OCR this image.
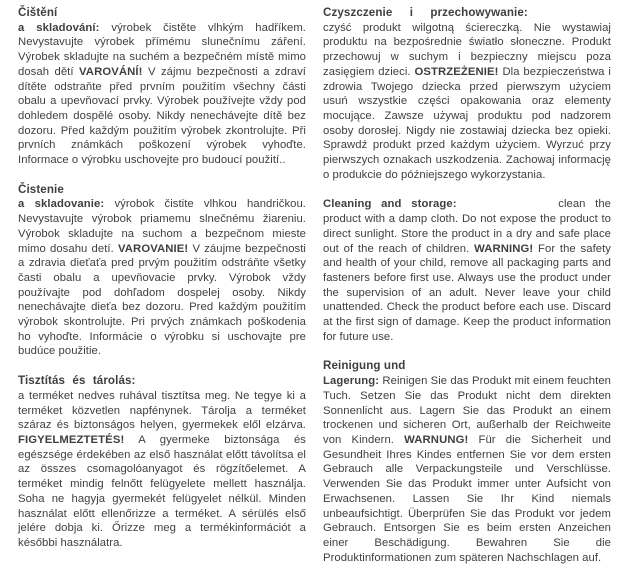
Čištění

a skladování: výrobek čistěte vlhkým hadříkem. Nevystavujte výrobek přímému slunečnímu záření. Výrobek skladujte na suchém a bezpečném místě mimo dosah dětí VAROVÁNÍ! V zájmu bezpečnosti a zdraví dítěte odstraňte před prvním použitím všechny části obalu a upevňovací prvky. Výrobek používejte vždy pod dohledem dospělé osoby. Nikdy nenechávejte dítě bez dozoru. Před každým použitím výrobek zkontrolujte. Při prvních známkách poškození výrobek vyhoďte. Informace o výrobku uschovejte pro budoucí použití..

Čistenie

a skladovanie: výrobok čistite vlhkou handričkou. Nevystavujte výrobok priamemu slnečnému žiareniu. Výrobok skladujte na suchom a bezpečnom mieste mimo dosahu detí. VAROVANIE! V záujme bezpečnosti a zdravia dieťaťa pred prvým použitím odstráňte všetky časti obalu a upevňovacie prvky. Výrobok vždy používajte pod dohľadom dospelej osoby. Nikdy nenechávajte dieťa bez dozoru. Pred každým použitím výrobok skontrolujte. Pri prvých známkach poškodenia ho vyhoďte. Informácie o výrobku si uschovajte pre budúce použitie.

Tisztítás és tárolás:

a terméket nedves ruhával tisztítsa meg. Ne tegye ki a terméket közvetlen napfénynek. Tárolja a terméket száraz és biztonságos helyen, gyermekek elől elzárva. FIGYELMEZTETÉS! A gyermeke biztonsága és egészsége érdekében az első használat előtt távolítsa el az összes csomagolóanyagot és rögzítőelemet. A terméket mindig felnőtt felügyelete mellett használja. Soha ne hagyja gyermekét felügyelet nélkül. Minden használat előtt ellenőrizze a terméket. A sérülés első jelére dobja ki. Őrizze meg a termékinformációt a későbbi használatra.

Czyszczenie i przechowywanie:

czyść produkt wilgotną ściereczką. Nie wystawiaj produktu na bezpośrednie światło słoneczne. Produkt przechowuj w suchym i bezpieczny miejscu poza zasięgiem dzieci. OSTRZEŻENIE! Dla bezpieczeństwa i zdrowia Twojego dziecka przed pierwszym użyciem usuń wszystkie części opakowania oraz elementy mocujące. Zawsze używaj produktu pod nadzorem osoby dorosłej. Nigdy nie zostawiaj dziecka bez opieki. Sprawdź produkt przed każdym użyciem. Wyrzuć przy pierwszych oznakach uszkodzenia. Zachowaj informację o produkcie do późniejszego wykorzystania.

Cleaning and storage:	clean the product with a damp cloth. Do not expose the product to direct sunlight. Store the product in a dry and safe place out of the reach of children. WARNING! For the safety and health of your child, remove all packaging parts and fasteners before first use. Always use the product under the supervision of an adult. Never leave your child unattended. Check the product before each use. Discard at the first sign of damage. Keep the product information for future use.

Reinigung und

Lagerung: Reinigen Sie das Produkt mit einem feuchten Tuch. Setzen Sie das Produkt nicht dem direkten Sonnenlicht aus. Lagern Sie das Produkt an einem trockenen und sicheren Ort, außerhalb der Reichweite von Kindern. WARNUNG! Für die Sicherheit und Gesundheit Ihres Kindes entfernen Sie vor dem ersten Gebrauch alle Verpackungsteile und Verschlüsse. Verwenden Sie das Produkt immer unter Aufsicht von Erwachsenen. Lassen Sie Ihr Kind niemals unbeaufsichtigt. Überprüfen Sie das Produkt vor jedem Gebrauch. Entsorgen Sie es beim ersten Anzeichen einer Beschädigung. Bewahren Sie die Produktinformationen zum späteren Nachschlagen auf.
